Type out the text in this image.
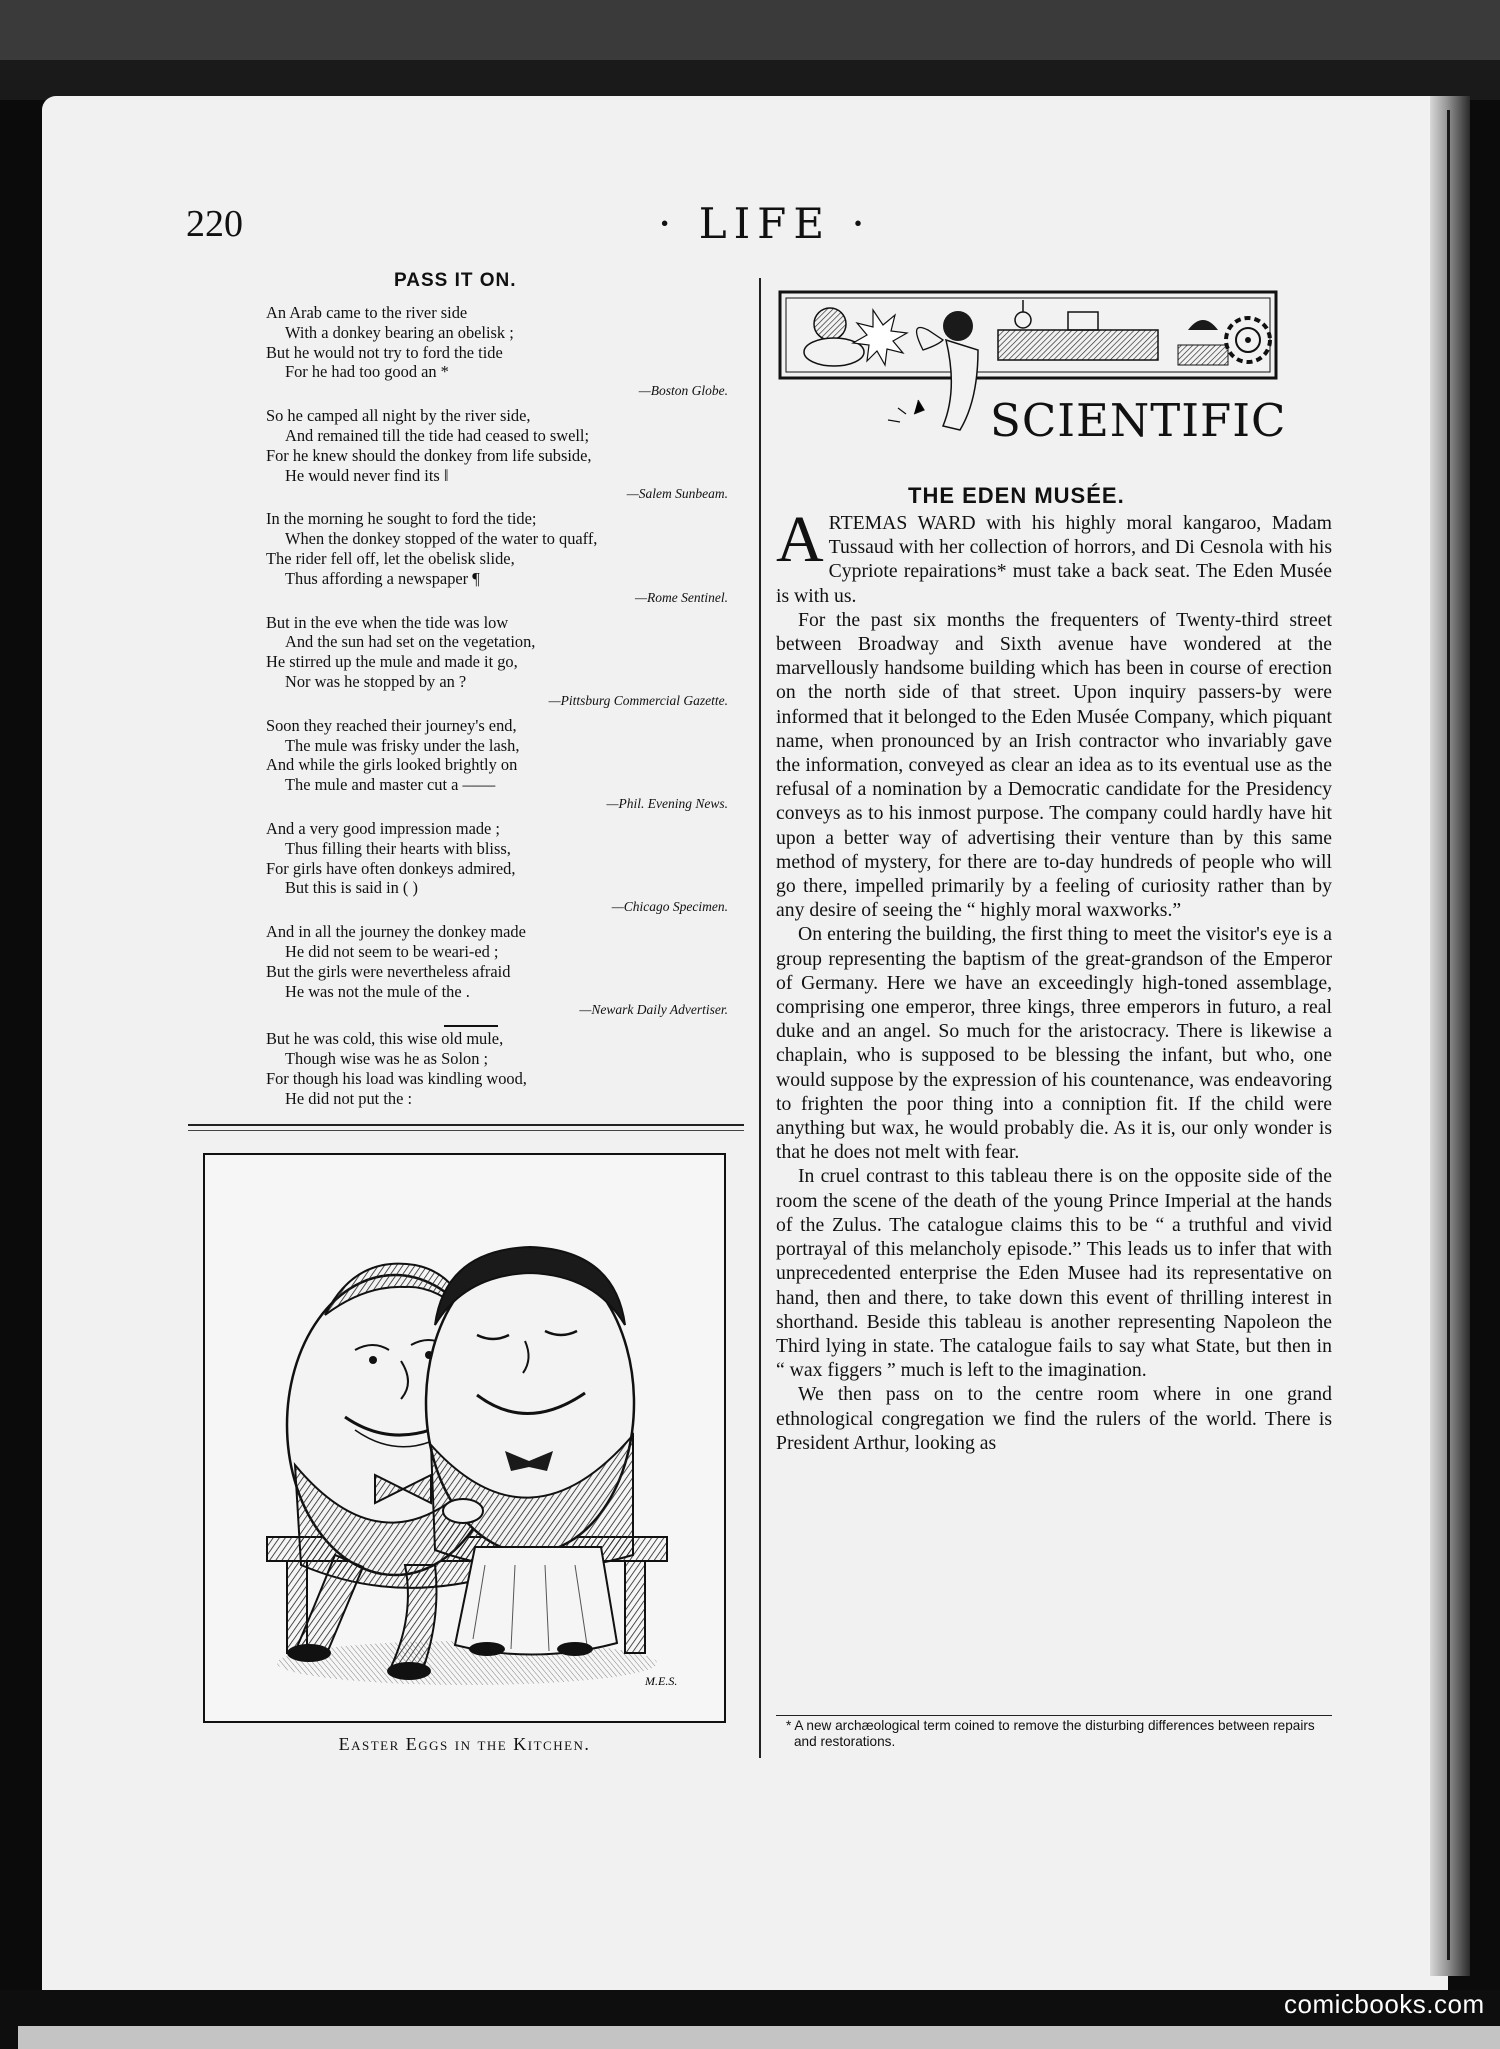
220	· LIFE ·
PASS IT ON.
An Arab came to the river side
With a donkey bearing an obelisk ;
But he would not try to ford the tide
For he had too good an *
—Boston Globe.
So he camped all night by the river side,
And remained till the tide had ceased to swell;
For he knew should the donkey from life subside,
He would never find its ‖
—Salem Sunbeam.
In the morning he sought to ford the tide;
When the donkey stopped of the water to quaff,
The rider fell off, let the obelisk slide,
Thus affording a newspaper ¶
—Rome Sentinel.
But in the eve when the tide was low
And the sun had set on the vegetation,
He stirred up the mule and made it go,
Nor was he stopped by an ?
—Pittsburg Commercial Gazette.
Soon they reached their journey's end,
The mule was frisky under the lash,
And while the girls looked brightly on
The mule and master cut a ——
—Phil. Evening News.
And a very good impression made ;
Thus filling their hearts with bliss,
For girls have often donkeys admired,
But this is said in ( )
—Chicago Specimen.
And in all the journey the donkey made
He did not seem to be weari-ed ;
But the girls were nevertheless afraid
He was not the mule of the .
—Newark Daily Advertiser.
But he was cold, this wise old mule,
Though wise was he as Solon ;
For though his load was kindling wood,
He did not put the :
M.E.S.
Easter Eggs in the Kitchen.
SCIENTIFIC
THE EDEN MUSÉE.

ARTEMAS WARD with his highly moral kangaroo, Madam Tussaud with her collection of horrors, and Di Cesnola with his Cypriote repairations* must take a back seat. The Eden Musée is with us.

For the past six months the frequenters of Twenty-third street between Broadway and Sixth avenue have wondered at the marvellously handsome building which has been in course of erection on the north side of that street. Upon inquiry passers-by were informed that it belonged to the Eden Musée Company, which piquant name, when pronounced by an Irish contractor who invariably gave the information, conveyed as clear an idea as to its eventual use as the refusal of a nomination by a Democratic candidate for the Presidency conveys as to his inmost purpose. The company could hardly have hit upon a better way of advertising their venture than by this same method of mystery, for there are to-day hundreds of people who will go there, impelled primarily by a feeling of curiosity rather than by any desire of seeing the “ highly moral waxworks.”

On entering the building, the first thing to meet the visitor's eye is a group representing the baptism of the great-grandson of the Emperor of Germany. Here we have an exceedingly high-toned assemblage, comprising one emperor, three kings, three emperors in futuro, a real duke and an angel. So much for the aristocracy. There is likewise a chaplain, who is supposed to be blessing the infant, but who, one would suppose by the expression of his countenance, was endeavoring to frighten the poor thing into a conniption fit. If the child were anything but wax, he would probably die. As it is, our only wonder is that he does not melt with fear.

In cruel contrast to this tableau there is on the opposite side of the room the scene of the death of the young Prince Imperial at the hands of the Zulus. The catalogue claims this to be “ a truthful and vivid portrayal of this melancholy episode.” This leads us to infer that with unprecedented enterprise the Eden Musee had its representative on hand, then and there, to take down this event of thrilling interest in shorthand. Beside this tableau is another representing Napoleon the Third lying in state. The catalogue fails to say what State, but then in “ wax figgers ” much is left to the imagination.

We then pass on to the centre room where in one grand ethnological congregation we find the rulers of the world. There is President Arthur, looking as

* A new archæological term coined to remove the disturbing differences between repairs and restorations.
comicbooks.com
